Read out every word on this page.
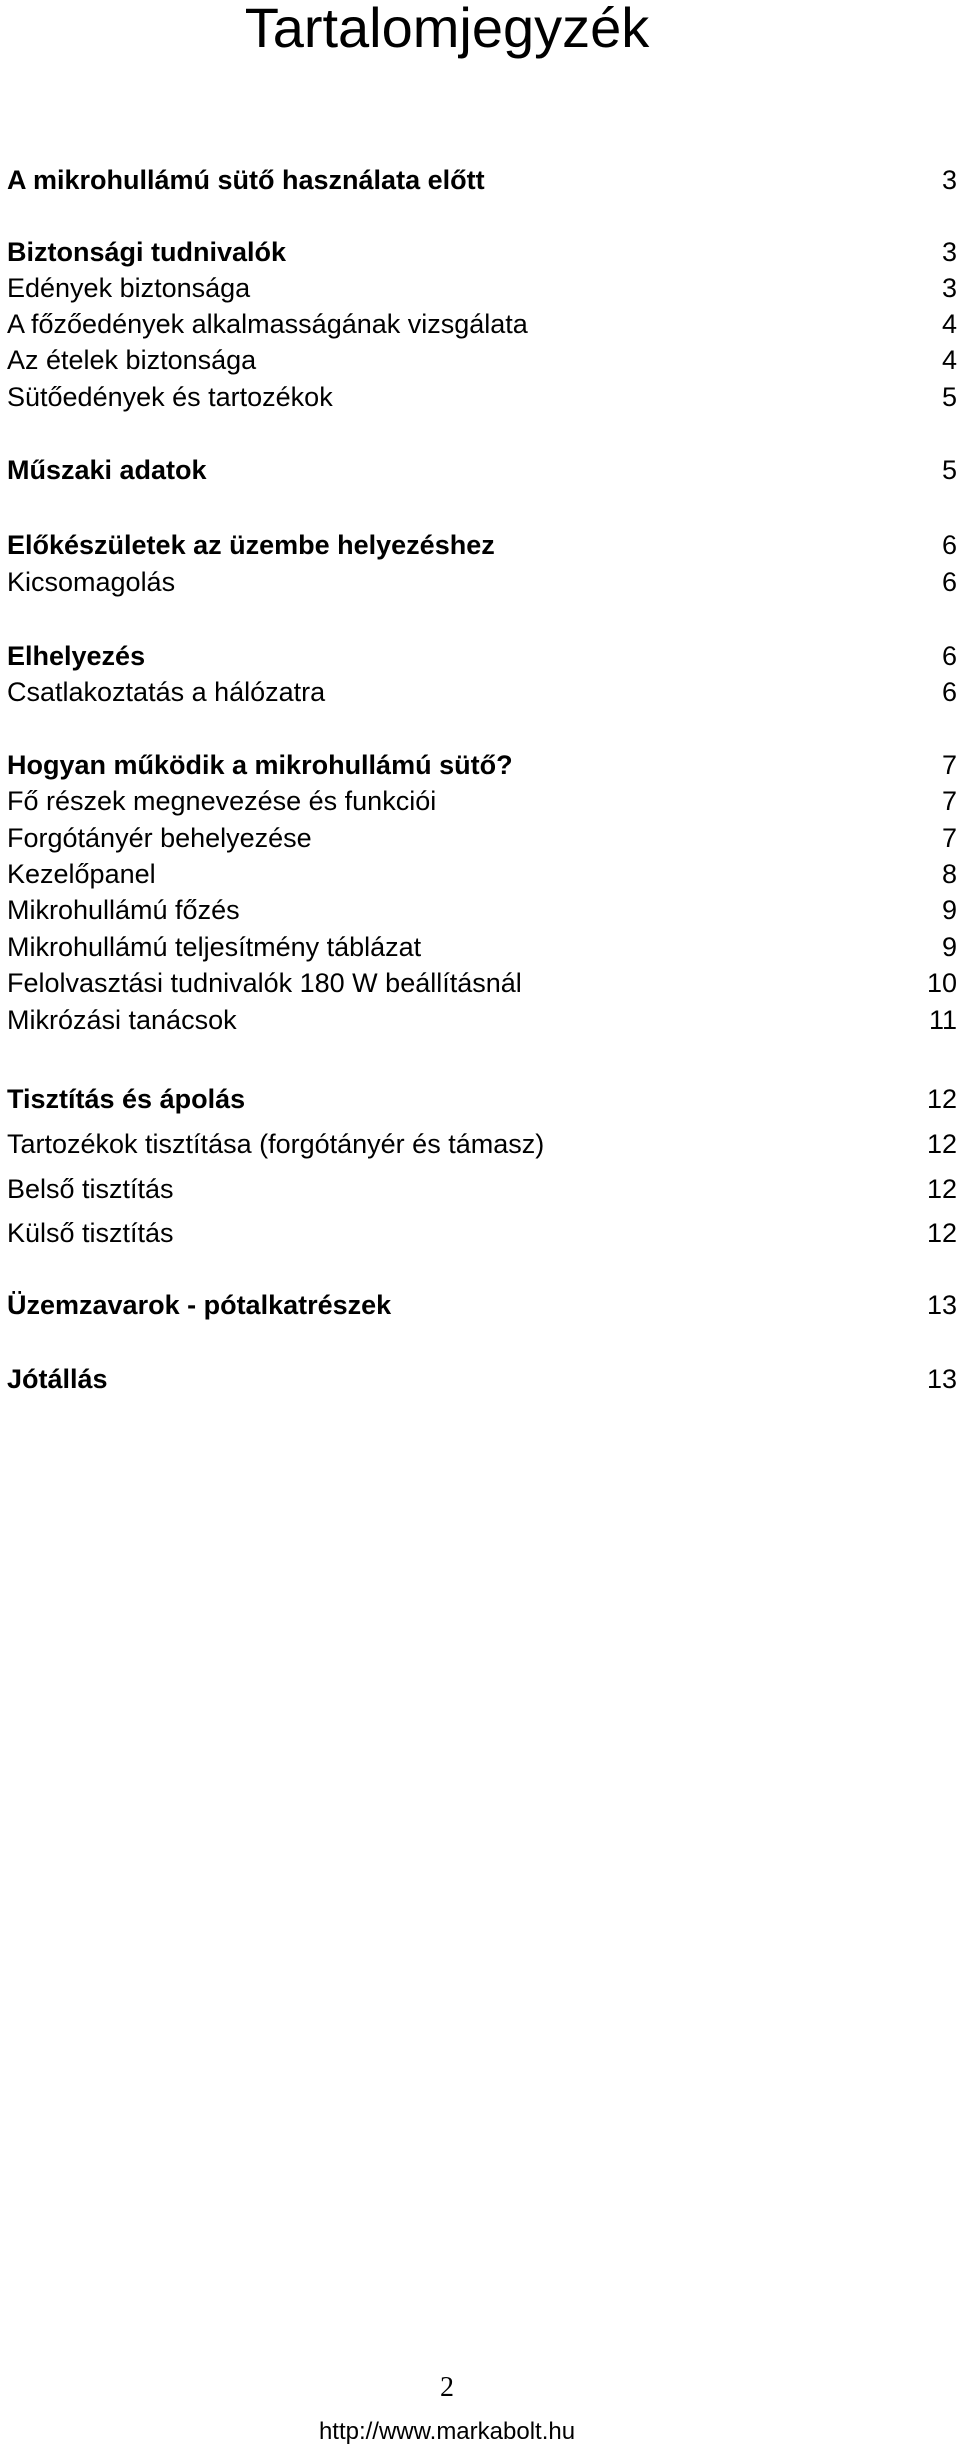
Tartalomjegyzék
A mikrohullámú sütő használata előtt	3
Biztonsági tudnivalók	3
Edények biztonsága	3
A főzőedények alkalmasságának vizsgálata	4
Az ételek biztonsága	4
Sütőedények és tartozékok	5
Műszaki adatok	5
Előkészületek az üzembe helyezéshez	6
Kicsomagolás	6
Elhelyezés	6
Csatlakoztatás a hálózatra	6
Hogyan működik a mikrohullámú sütő?	7
Fő részek megnevezése és funkciói	7
Forgótányér behelyezése	7
Kezelőpanel	8
Mikrohullámú főzés	9
Mikrohullámú teljesítmény táblázat	9
Felolvasztási tudnivalók 180 W beállításnál	10
Mikrózási tanácsok	11
Tisztítás és ápolás	12
Tartozékok tisztítása (forgótányér és támasz)	12
Belső tisztítás	12
Külső tisztítás	12
Üzemzavarok - pótalkatrészek	13
Jótállás	13
2
http://www.markabolt.hu
